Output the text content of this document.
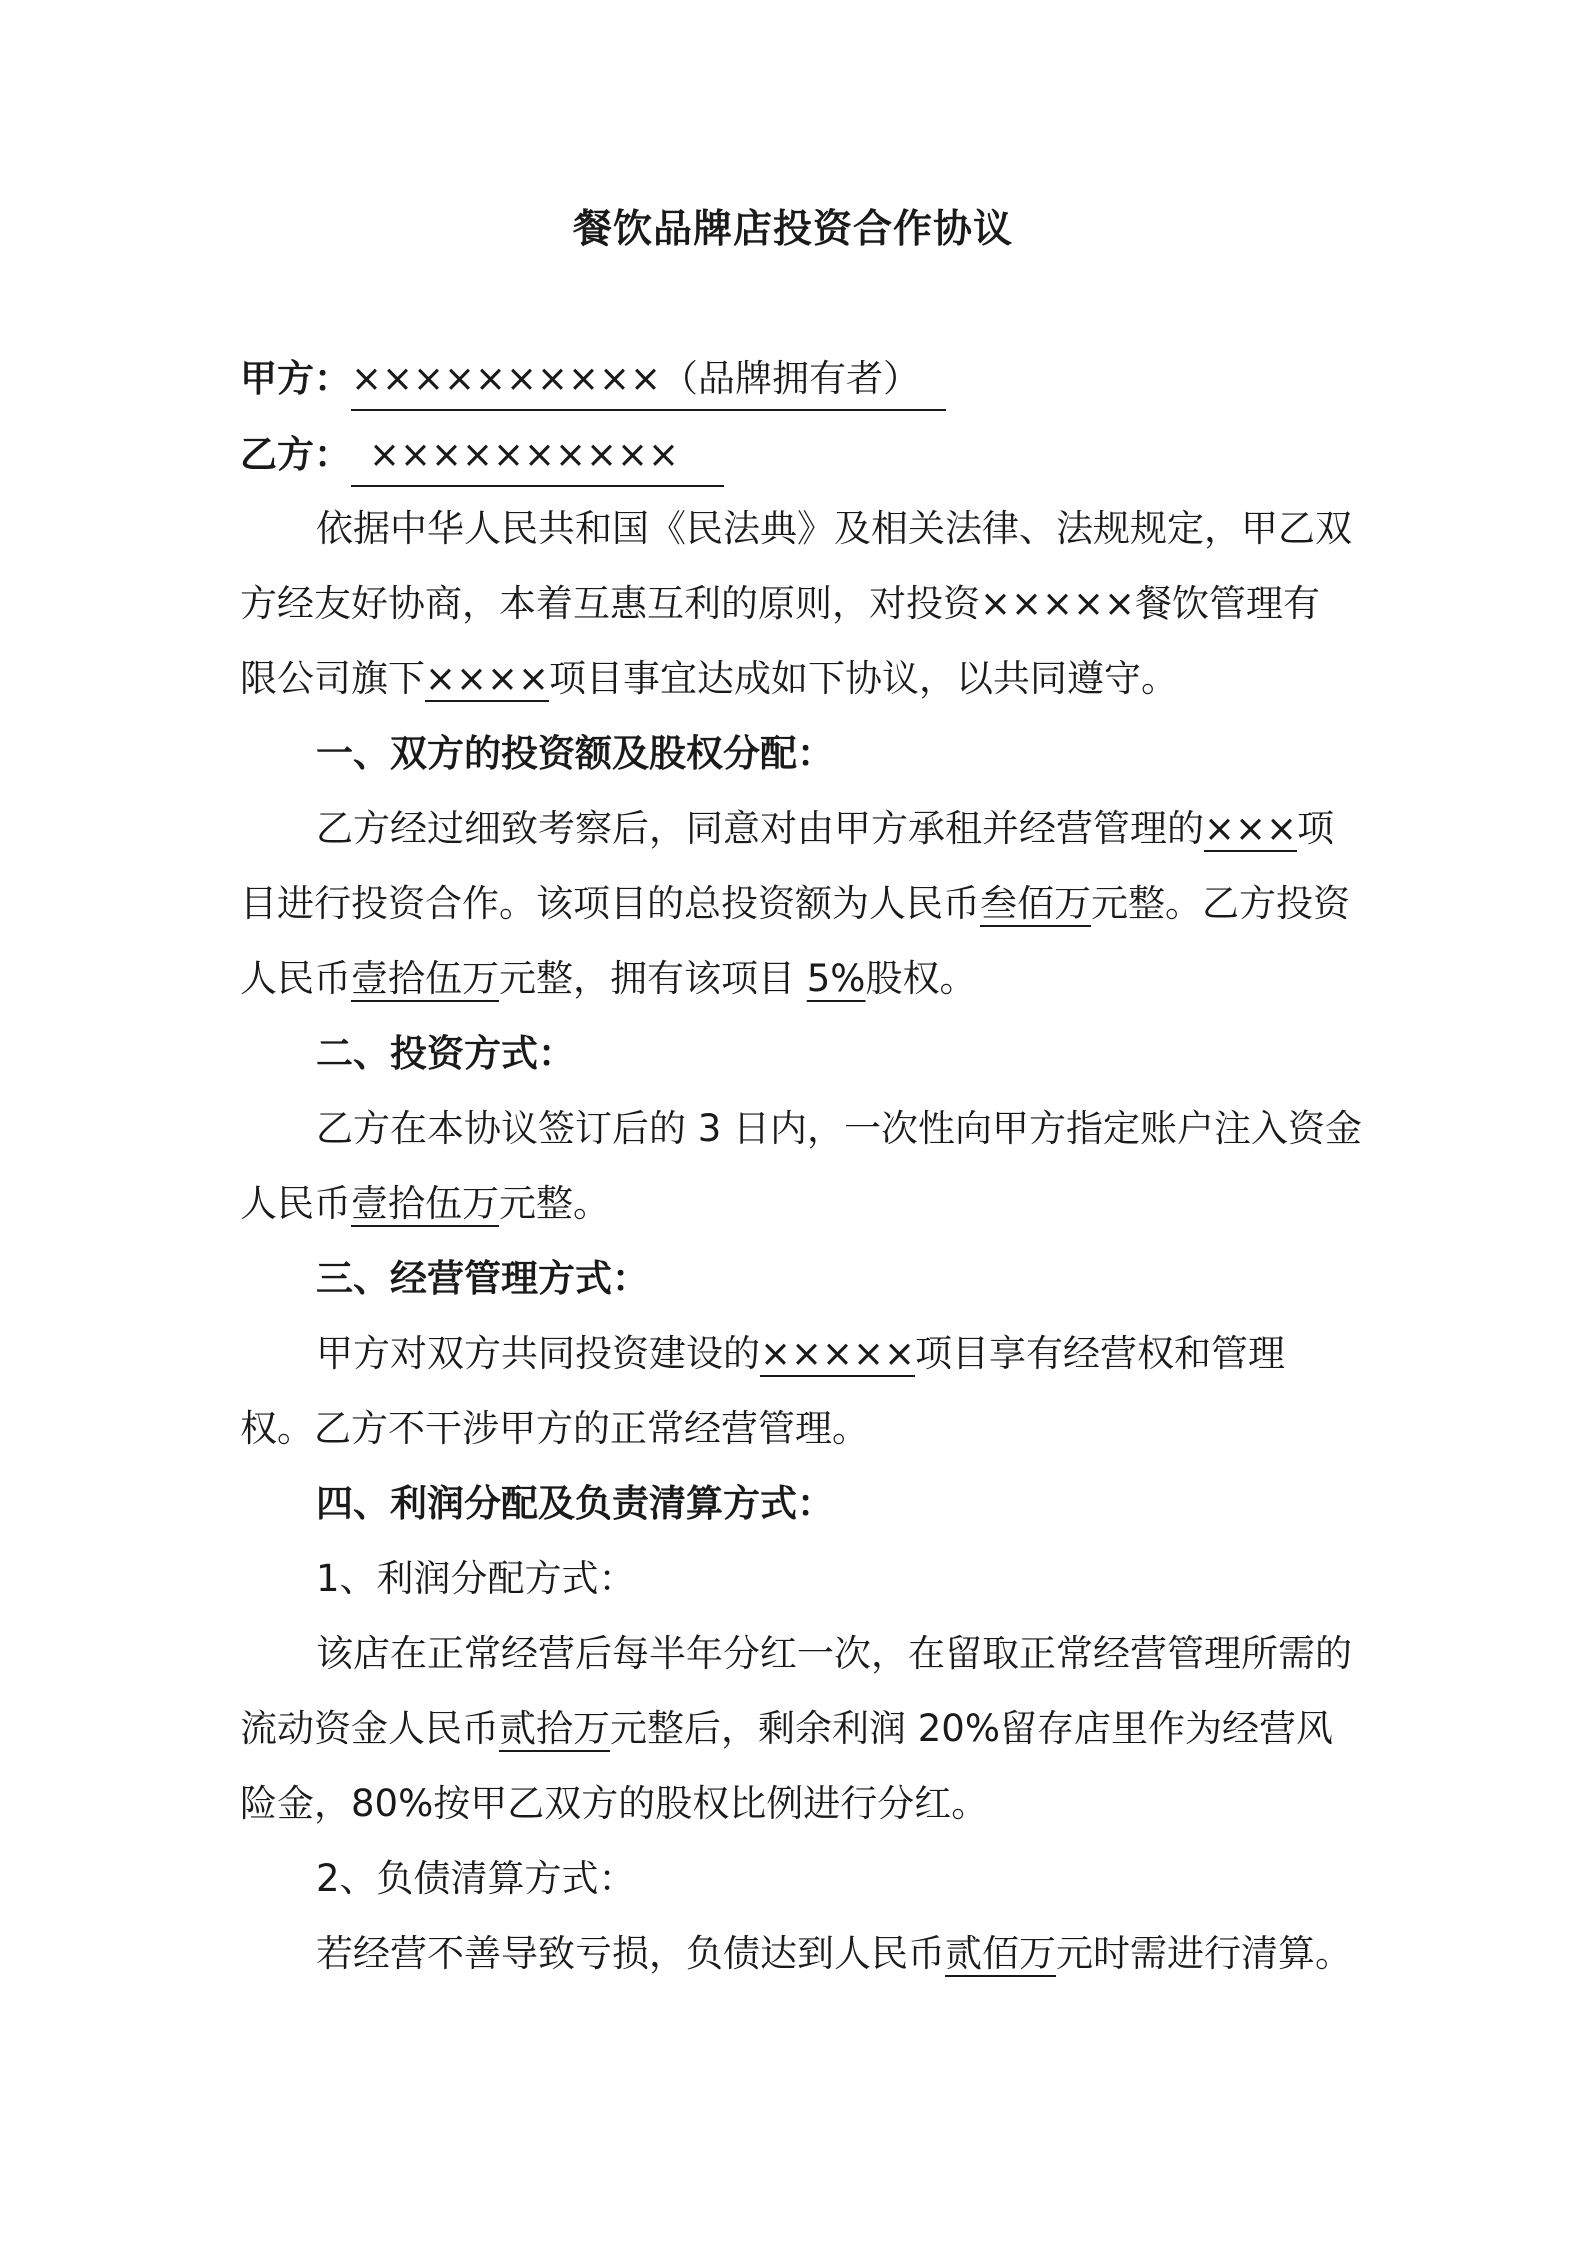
餐饮品牌店投资合作协议
甲方：××××××××××（品牌拥有者）
乙方： ××××××××××
依据中华人民共和国《民法典》及相关法律、法规规定，甲乙双
方经友好协商，本着互惠互利的原则，对投资×××××餐饮管理有
限公司旗下××××项目事宜达成如下协议，以共同遵守。
一、双方的投资额及股权分配：
乙方经过细致考察后，同意对由甲方承租并经营管理的×××项
目进行投资合作。该项目的总投资额为人民币叁佰万元整。乙方投资
人民币壹拾伍万元整，拥有该项目 5%股权。
二、投资方式：
乙方在本协议签订后的 3 日内，一次性向甲方指定账户注入资金
人民币壹拾伍万元整。
三、经营管理方式：
甲方对双方共同投资建设的×××××项目享有经营权和管理
权。乙方不干涉甲方的正常经营管理。
四、利润分配及负责清算方式：
1、利润分配方式：
该店在正常经营后每半年分红一次，在留取正常经营管理所需的
流动资金人民币贰拾万元整后，剩余利润 20%留存店里作为经营风
险金，80%按甲乙双方的股权比例进行分红。
2、负债清算方式：
若经营不善导致亏损，负债达到人民币贰佰万元时需进行清算。
